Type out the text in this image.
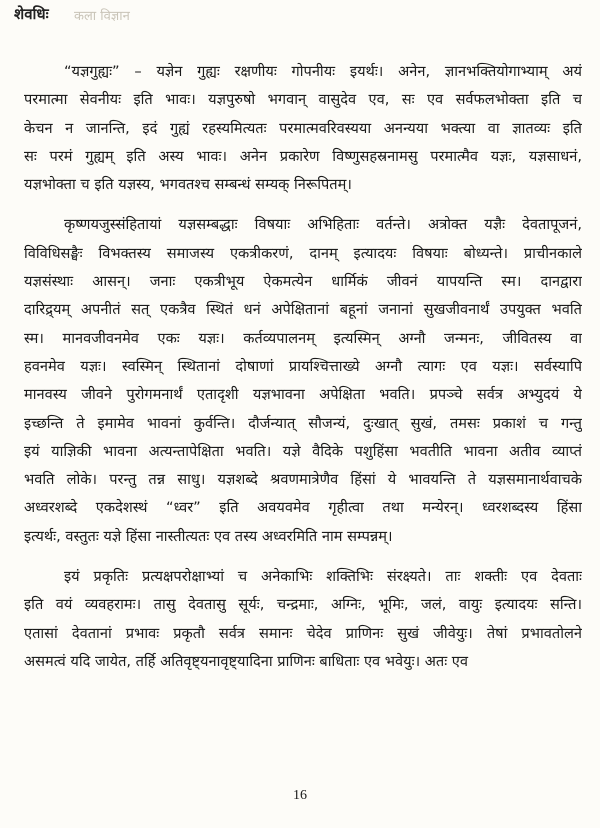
शेवधिः कला विज्ञान
“यज्ञगुह्यः” – यज्ञेन गुह्यः रक्षणीयः गोपनीयः इयर्थः। अनेन, ज्ञानभक्तियोगाभ्याम् अयं
परमात्मा सेवनीयः इति भावः। यज्ञपुरुषो भगवान् वासुदेव एव, सः एव सर्वफलभोक्ता इति च
केचन न जानन्ति, इदं गुह्यं रहस्यमित्यतः परमात्मवरिवस्यया अनन्यया भक्त्या वा ज्ञातव्यः इति
सः परमं गुह्यम् इति अस्य भावः। अनेन प्रकारेण विष्णुसहस्रनामसु परमात्मैव यज्ञः, यज्ञसाधनं,
यज्ञभोक्ता च इति यज्ञस्य, भगवतश्च सम्बन्धं सम्यक् निरूपितम्।
कृष्णयजुस्संहितायां यज्ञसम्बद्धाः विषयाः अभिहिताः वर्तन्ते। अत्रोक्त यज्ञैः देवतापूजनं,
विविधिसङ्घैः विभक्तस्य समाजस्य एकत्रीकरणं, दानम् इत्यादयः विषयाः बोध्यन्ते। प्राचीनकाले
यज्ञसंस्थाः आसन्। जनाः एकत्रीभूय ऐकमत्येन धार्मिकं जीवनं यापयन्ति स्म। दानद्वारा
दारिद्र्यम् अपनीतं सत् एकत्रैव स्थितं धनं अपेक्षितानां बहूनां जनानां सुखजीवनार्थं उपयुक्त भवति
स्म। मानवजीवनमेव एकः यज्ञः। कर्तव्यपालनम् इत्यस्मिन् अग्नौ जन्मनः, जीवितस्य वा
हवनमेव यज्ञः। स्वस्मिन् स्थितानां दोषाणां प्रायश्चित्ताख्ये अग्नौ त्यागः एव यज्ञः। सर्वस्यापि
मानवस्य जीवने पुरोगमनार्थं एतादृशी यज्ञभावना अपेक्षिता भवति। प्रपञ्चे सर्वत्र अभ्युदयं ये
इच्छन्ति ते इमामेव भावनां कुर्वन्ति। दौर्जन्यात् सौजन्यं, दुःखात् सुखं, तमसः प्रकाशं च गन्तु
इयं याज्ञिकी भावना अत्यन्तापेक्षिता भवति। यज्ञे वैदिके पशुहिंसा भवतीति भावना अतीव व्याप्तं
भवति लोके। परन्तु तन्न साधु। यज्ञशब्दे श्रवणमात्रेणैव हिंसां ये भावयन्ति ते यज्ञसमानार्थवाचके
अध्वरशब्दे एकदेशस्थं “ध्वर” इति अवयवमेव गृहीत्वा तथा मन्येरन्। ध्वरशब्दस्य हिंसा
इत्यर्थः, वस्तुतः यज्ञे हिंसा नास्तीत्यतः एव तस्य अध्वरमिति नाम सम्पन्नम्।
इयं प्रकृतिः प्रत्यक्षपरोक्षाभ्यां च अनेकाभिः शक्तिभिः संरक्ष्यते। ताः शक्तीः एव देवताः
इति वयं व्यवहरामः। तासु देवतासु सूर्यः, चन्द्रमाः, अग्निः, भूमिः, जलं, वायुः इत्यादयः सन्ति।
एतासां देवतानां प्रभावः प्रकृतौ सर्वत्र समानः चेदेव प्राणिनः सुखं जीवेयुः। तेषां प्रभावतोलने
असमत्वं यदि जायेत, तर्हि अतिवृष्ट्यनावृष्ट्यादिना प्राणिनः बाधिताः एव भवेयुः। अतः एव
16
